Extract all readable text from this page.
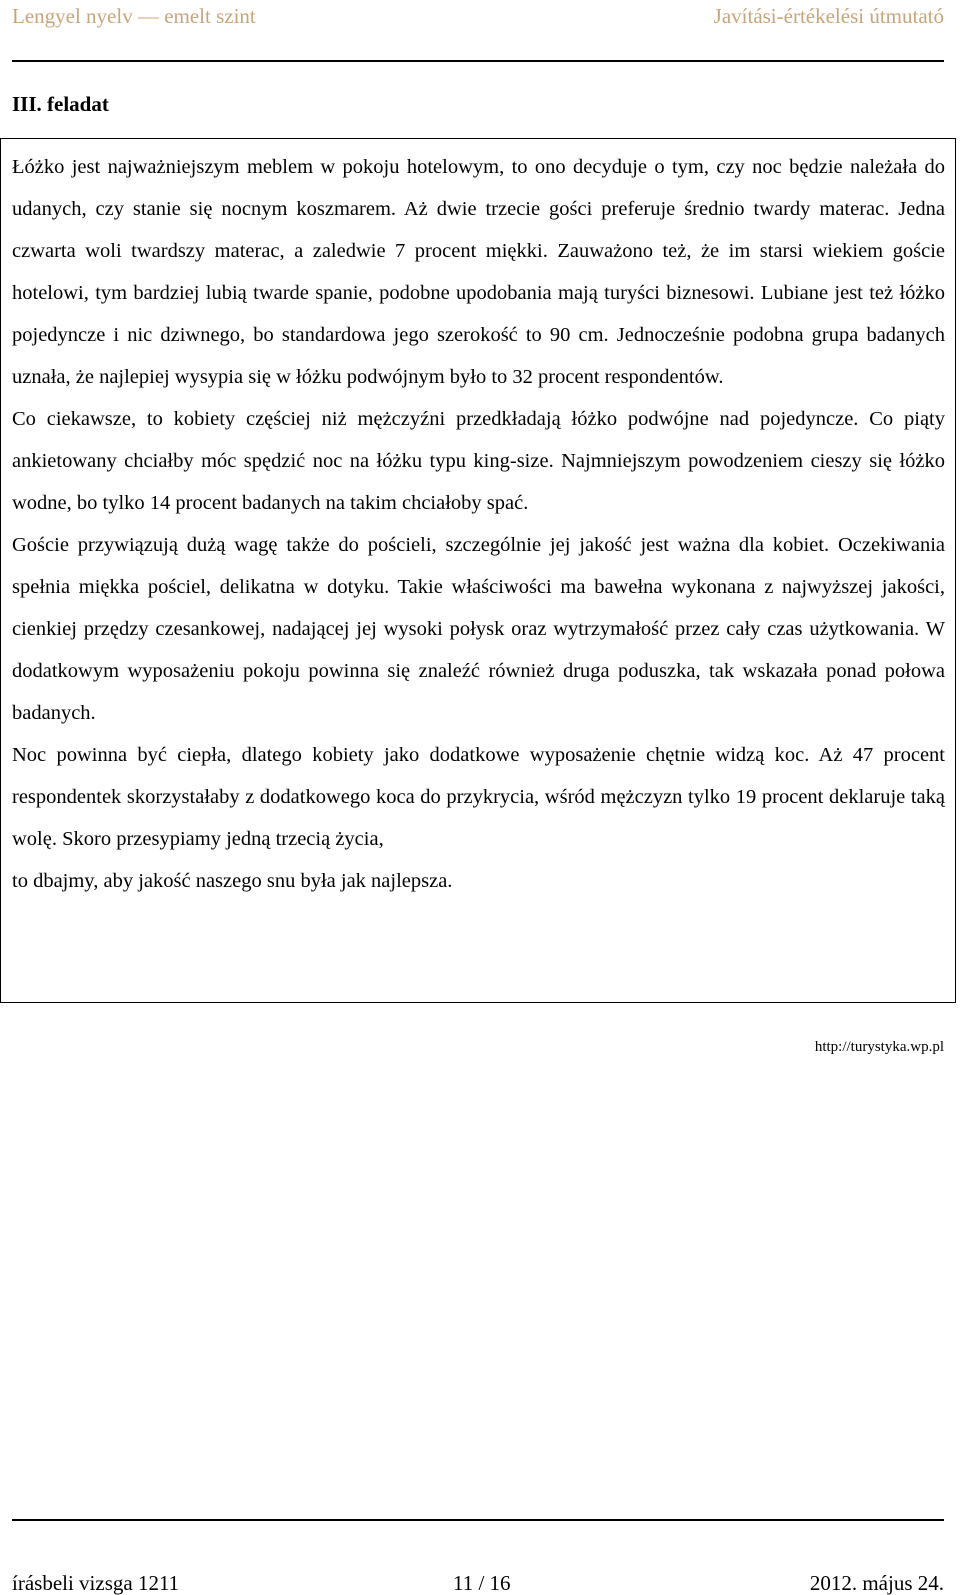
Lengyel nyelv — emelt szint	Javítási-értékelési útmutató
III. feladat

Łóżko jest najważniejszym meblem w pokoju hotelowym, to ono decyduje o tym, czy noc będzie należała do udanych, czy stanie się nocnym koszmarem. Aż dwie trzecie gości preferuje średnio twardy materac. Jedna czwarta woli twardszy materac, a zaledwie 7 procent miękki. Zauważono też, że im starsi wiekiem goście hotelowi, tym bardziej lubią twarde spanie, podobne upodobania mają turyści biznesowi. Lubiane jest też łóżko pojedyncze i nic dziwnego, bo standardowa jego szerokość to 90 cm. Jednocześnie podobna grupa badanych uznała, że najlepiej wysypia się w łóżku podwójnym było to 32 procent respondentów.

Co ciekawsze, to kobiety częściej niż mężczyźni przedkładają łóżko podwójne nad pojedyncze. Co piąty ankietowany chciałby móc spędzić noc na łóżku typu king-size. Najmniejszym powodzeniem cieszy się łóżko wodne, bo tylko 14 procent badanych na takim chciałoby spać.

Goście przywiązują dużą wagę także do pościeli, szczególnie jej jakość jest ważna dla kobiet. Oczekiwania spełnia miękka pościel, delikatna w dotyku. Takie właściwości ma bawełna wykonana z najwyższej jakości, cienkiej przędzy czesankowej, nadającej jej wysoki połysk oraz wytrzymałość przez cały czas użytkowania. W dodatkowym wyposażeniu pokoju powinna się znaleźć również druga poduszka, tak wskazała ponad połowa badanych.

Noc powinna być ciepła, dlatego kobiety jako dodatkowe wyposażenie chętnie widzą koc. Aż 47 procent respondentek skorzystałaby z dodatkowego koca do przykrycia, wśród mężczyzn tylko 19 procent deklaruje taką wolę. Skoro przesypiamy jedną trzecią życia,

to dbajmy, aby jakość naszego snu była jak najlepsza.

http://turystyka.wp.pl
írásbeli vizsga 1211	11 / 16	2012. május 24.
